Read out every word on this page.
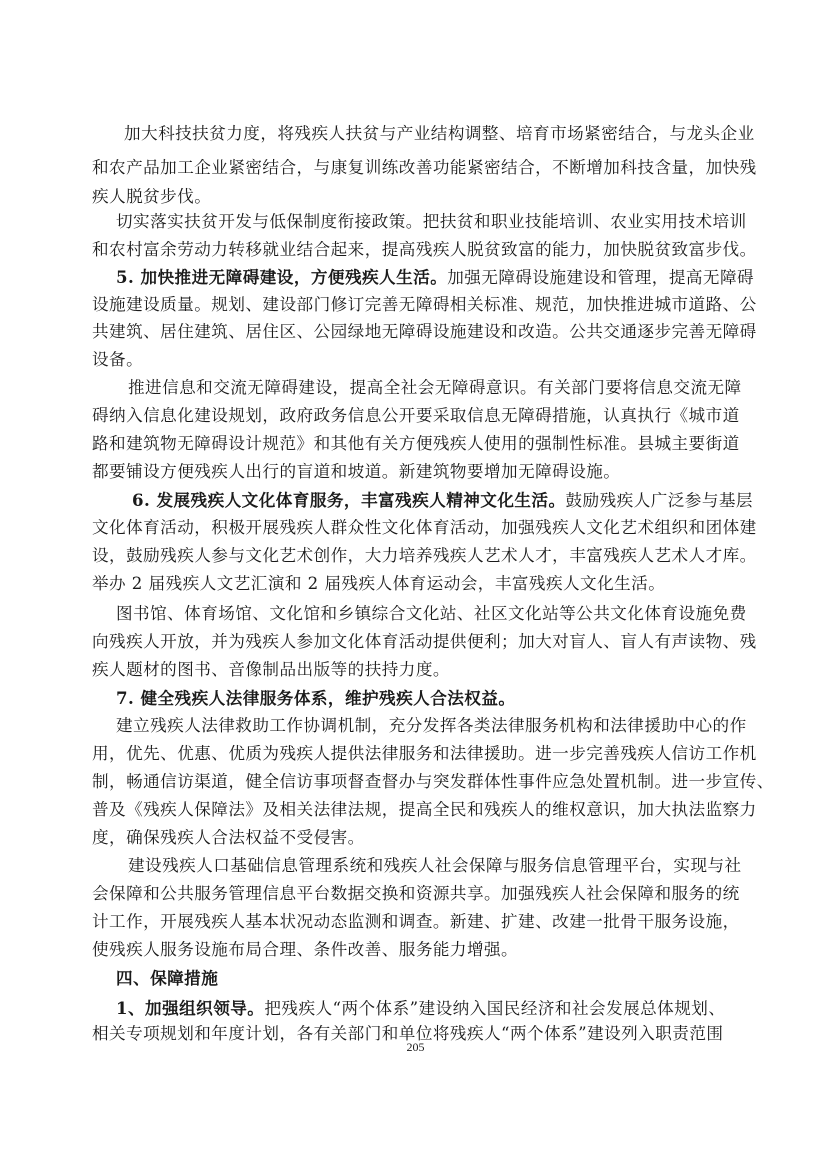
加大科技扶贫力度，将残疾人扶贫与产业结构调整、培育市场紧密结合，与龙头企业
和农产品加工企业紧密结合，与康复训练改善功能紧密结合，不断增加科技含量，加快残
疾人脱贫步伐。
切实落实扶贫开发与低保制度衔接政策。把扶贫和职业技能培训、农业实用技术培训
和农村富余劳动力转移就业结合起来，提高残疾人脱贫致富的能力，加快脱贫致富步伐。
5. 加快推进无障碍建设，方便残疾人生活。加强无障碍设施建设和管理，提高无障碍
设施建设质量。规划、建设部门修订完善无障碍相关标准、规范，加快推进城市道路、公
共建筑、居住建筑、居住区、公园绿地无障碍设施建设和改造。公共交通逐步完善无障碍
设备。
推进信息和交流无障碍建设，提高全社会无障碍意识。有关部门要将信息交流无障
碍纳入信息化建设规划，政府政务信息公开要采取信息无障碍措施，认真执行《城市道
路和建筑物无障碍设计规范》和其他有关方便残疾人使用的强制性标准。县城主要街道
都要铺设方便残疾人出行的盲道和坡道。新建筑物要增加无障碍设施。
6. 发展残疾人文化体育服务，丰富残疾人精神文化生活。鼓励残疾人广泛参与基层
文化体育活动，积极开展残疾人群众性文化体育活动，加强残疾人文化艺术组织和团体建
设，鼓励残疾人参与文化艺术创作，大力培养残疾人艺术人才，丰富残疾人艺术人才库。
举办 2 届残疾人文艺汇演和 2 届残疾人体育运动会，丰富残疾人文化生活。
图书馆、体育场馆、文化馆和乡镇综合文化站、社区文化站等公共文化体育设施免费
向残疾人开放，并为残疾人参加文化体育活动提供便利；加大对盲人、盲人有声读物、残
疾人题材的图书、音像制品出版等的扶持力度。
7. 健全残疾人法律服务体系，维护残疾人合法权益。
建立残疾人法律救助工作协调机制，充分发挥各类法律服务机构和法律援助中心的作
用，优先、优惠、优质为残疾人提供法律服务和法律援助。进一步完善残疾人信访工作机
制，畅通信访渠道，健全信访事项督查督办与突发群体性事件应急处置机制。进一步宣传、
普及《残疾人保障法》及相关法律法规，提高全民和残疾人的维权意识，加大执法监察力
度，确保残疾人合法权益不受侵害。
建设残疾人口基础信息管理系统和残疾人社会保障与服务信息管理平台，实现与社
会保障和公共服务管理信息平台数据交换和资源共享。加强残疾人社会保障和服务的统
计工作，开展残疾人基本状况动态监测和调查。新建、扩建、改建一批骨干服务设施，
使残疾人服务设施布局合理、条件改善、服务能力增强。
四、保障措施
1、加强组织领导。把残疾人“两个体系”建设纳入国民经济和社会发展总体规划、
相关专项规划和年度计划，各有关部门和单位将残疾人“两个体系”建设列入职责范围
205
